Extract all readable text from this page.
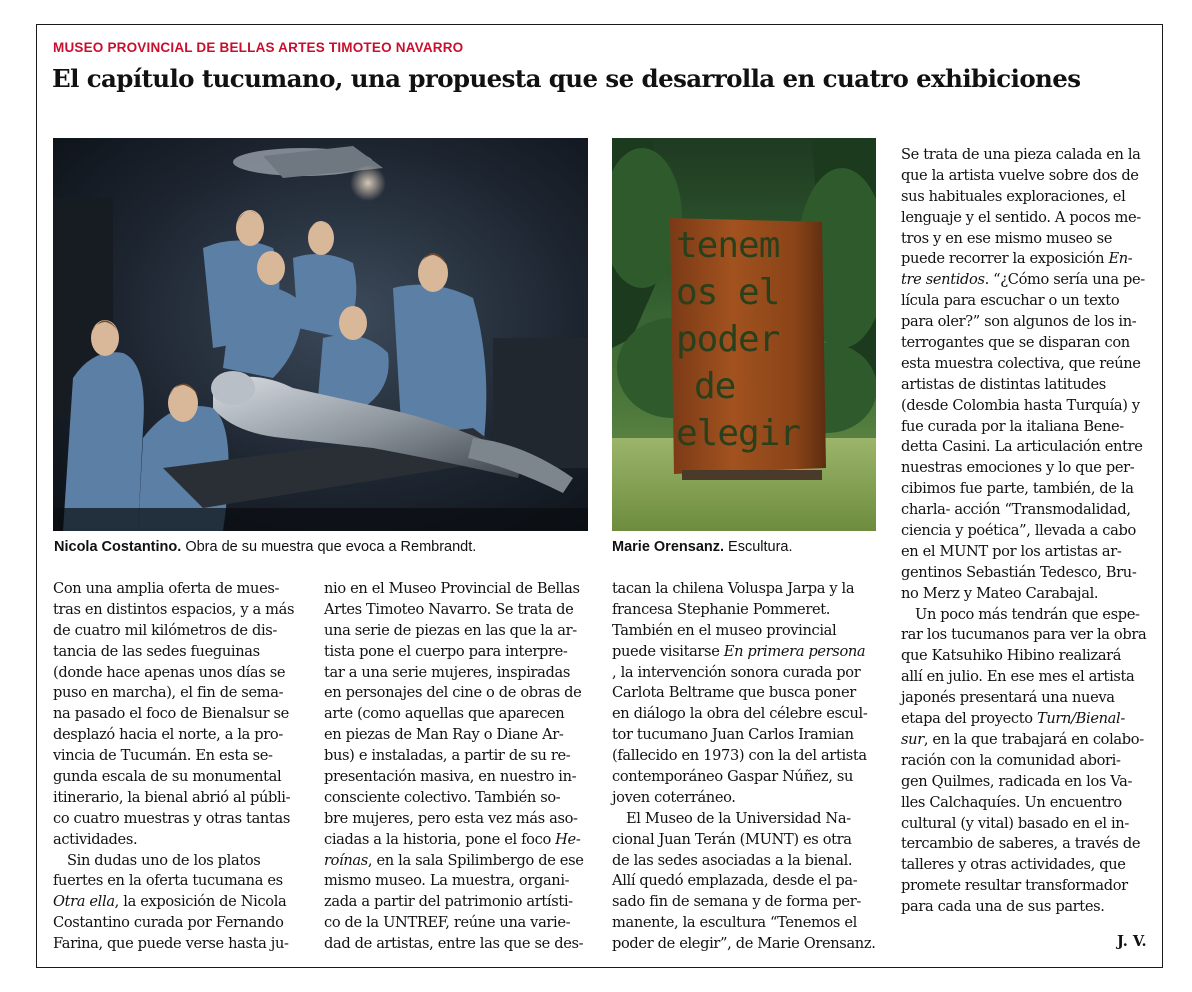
MUSEO PROVINCIAL DE BELLAS ARTES TIMOTEO NAVARRO
El capítulo tucumano, una propuesta que se desarrolla en cuatro exhibiciones
tenem
os el
poder
de
elegir
Nicola Costantino. Obra de su muestra que evoca a Rembrandt.	Marie Orensanz. Escultura.
Con una amplia oferta de mues-
tras en distintos espacios, y a más
de cuatro mil kilómetros de dis-
tancia de las sedes fueguinas
(donde hace apenas unos días se
puso en marcha), el fin de sema-
na pasado el foco de Bienalsur se
desplazó hacia el norte, a la pro-
vincia de Tucumán. En esta se-
gunda escala de su monumental
itinerario, la bienal abrió al públi-
co cuatro muestras y otras tantas
actividades.
Sin dudas uno de los platos
fuertes en la oferta tucumana es
Otra ella, la exposición de Nicola
Costantino curada por Fernando
Farina, que puede verse hasta ju-
nio en el Museo Provincial de Bellas
Artes Timoteo Navarro. Se trata de
una serie de piezas en las que la ar-
tista pone el cuerpo para interpre-
tar a una serie mujeres, inspiradas
en personajes del cine o de obras de
arte (como aquellas que aparecen
en piezas de Man Ray o Diane Ar-
bus) e instaladas, a partir de su re-
presentación masiva, en nuestro in-
consciente colectivo. También so-
bre mujeres, pero esta vez más aso-
ciadas a la historia, pone el foco He-
roínas, en la sala Spilimbergo de ese
mismo museo. La muestra, organi-
zada a partir del patrimonio artísti-
co de la UNTREF, reúne una varie-
dad de artistas, entre las que se des-
tacan la chilena Voluspa Jarpa y la
francesa Stephanie Pommeret.
También en el museo provincial
puede visitarse En primera persona
, la intervención sonora curada por
Carlota Beltrame que busca poner
en diálogo la obra del célebre escul-
tor tucumano Juan Carlos Iramian
(fallecido en 1973) con la del artista
contemporáneo Gaspar Núñez, su
joven coterráneo.
El Museo de la Universidad Na-
cional Juan Terán (MUNT) es otra
de las sedes asociadas a la bienal.
Allí quedó emplazada, desde el pa-
sado fin de semana y de forma per-
manente, la escultura “Tenemos el
poder de elegir”, de Marie Orensanz.
Se trata de una pieza calada en la
que la artista vuelve sobre dos de
sus habituales exploraciones, el
lenguaje y el sentido. A pocos me-
tros y en ese mismo museo se
puede recorrer la exposición En-
tre sentidos. “¿Cómo sería una pe-
lícula para escuchar o un texto
para oler?” son algunos de los in-
terrogantes que se disparan con
esta muestra colectiva, que reúne
artistas de distintas latitudes
(desde Colombia hasta Turquía) y
fue curada por la italiana Bene-
detta Casini. La articulación entre
nuestras emociones y lo que per-
cibimos fue parte, también, de la
charla- acción “Transmodalidad,
ciencia y poética”, llevada a cabo
en el MUNT por los artistas ar-
gentinos Sebastián Tedesco, Bru-
no Merz y Mateo Carabajal.
Un poco más tendrán que espe-
rar los tucumanos para ver la obra
que Katsuhiko Hibino realizará
allí en julio. En ese mes el artista
japonés presentará una nueva
etapa del proyecto Turn/Bienal-
sur, en la que trabajará en colabo-
ración con la comunidad abori-
gen Quilmes, radicada en los Va-
lles Calchaquíes. Un encuentro
cultural (y vital) basado en el in-
tercambio de saberes, a través de
talleres y otras actividades, que
promete resultar transformador
para cada una de sus partes.
J. V.
